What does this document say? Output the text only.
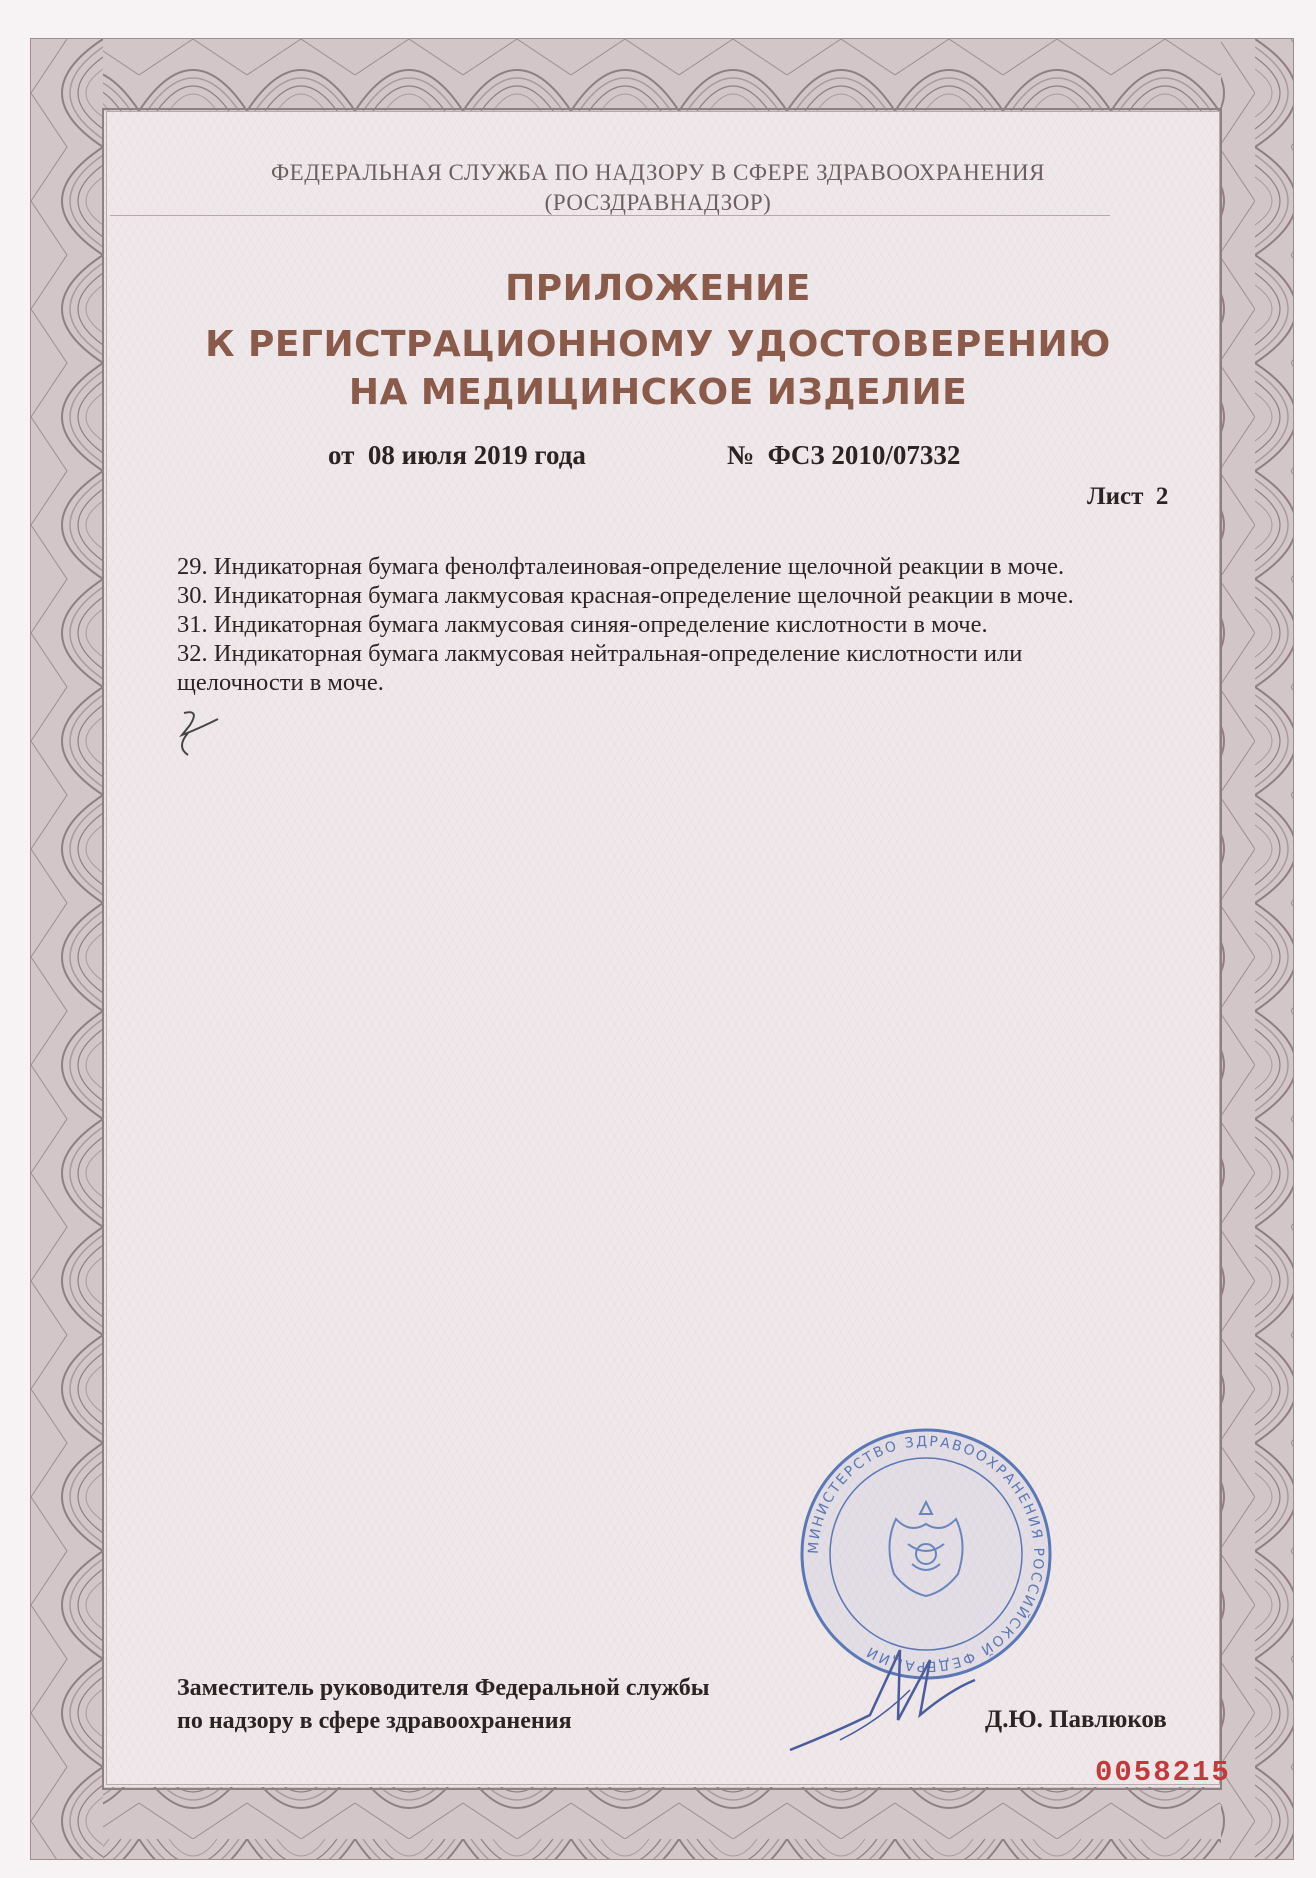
ФЕДЕРАЛЬНАЯ СЛУЖБА ПО НАДЗОРУ В СФЕРЕ ЗДРАВООХРАНЕНИЯ
(РОСЗДРАВНАДЗОР)
ПРИЛОЖЕНИЕ
К РЕГИСТРАЦИОННОМУ УДОСТОВЕРЕНИЮ
НА МЕДИЦИНСКОЕ ИЗДЕЛИЕ
от  08 июля 2019 года	№  ФСЗ 2010/07332
Лист  2
29. Индикаторная бумага фенолфталеиновая-определение щелочной реакции в моче.
30. Индикаторная бумага лакмусовая красная-определение щелочной реакции в моче.
31. Индикаторная бумага лакмусовая синяя-определение кислотности в моче.
32. Индикаторная бумага лакмусовая нейтральная-определение кислотности или
щелочности в моче.
МИНИСТЕРСТВО ЗДРАВООХРАНЕНИЯ РОССИЙСКОЙ ФЕДЕРАЦИИ
Заместитель руководителя Федеральной службы
по надзору в сфере здравоохранения	Д.Ю. Павлюков
0058215
